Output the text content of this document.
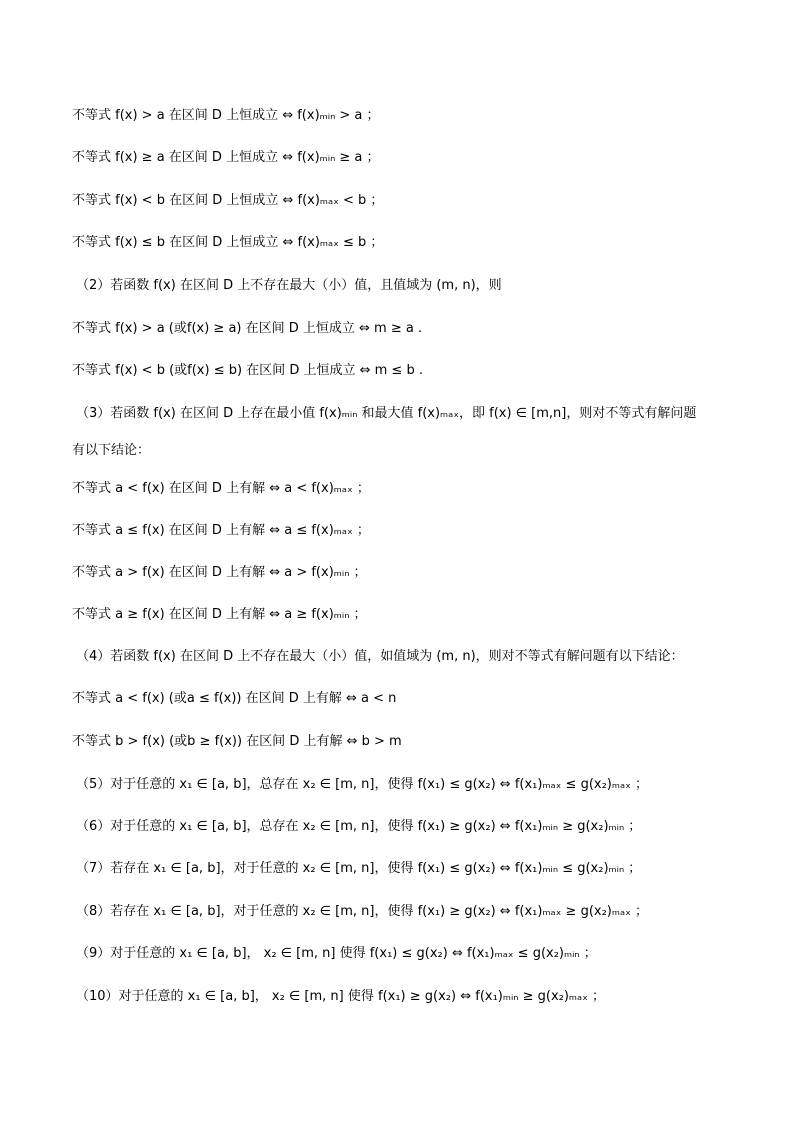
不等式 f(x) > a 在区间 D 上恒成立 ⇔ f(x)ₘᵢₙ > a ；
不等式 f(x) ≥ a 在区间 D 上恒成立 ⇔ f(x)ₘᵢₙ ≥ a ；
不等式 f(x) < b 在区间 D 上恒成立 ⇔ f(x)ₘₐₓ < b ；
不等式 f(x) ≤ b 在区间 D 上恒成立 ⇔ f(x)ₘₐₓ ≤ b ；
（2）若函数 f(x) 在区间 D 上不存在最大（小）值，且值域为 (m, n)，则
不等式 f(x) > a (或f(x) ≥ a) 在区间 D 上恒成立 ⇔ m ≥ a .
不等式 f(x) < b (或f(x) ≤ b) 在区间 D 上恒成立 ⇔ m ≤ b .
（3）若函数 f(x) 在区间 D 上存在最小值 f(x)ₘᵢₙ 和最大值 f(x)ₘₐₓ，即 f(x) ∈ [m,n]，则对不等式有解问题
有以下结论：
不等式 a < f(x) 在区间 D 上有解 ⇔ a < f(x)ₘₐₓ ；
不等式 a ≤ f(x) 在区间 D 上有解 ⇔ a ≤ f(x)ₘₐₓ ；
不等式 a > f(x) 在区间 D 上有解 ⇔ a > f(x)ₘᵢₙ ；
不等式 a ≥ f(x) 在区间 D 上有解 ⇔ a ≥ f(x)ₘᵢₙ ；
（4）若函数 f(x) 在区间 D 上不存在最大（小）值，如值域为 (m, n)，则对不等式有解问题有以下结论：
不等式 a < f(x) (或a ≤ f(x)) 在区间 D 上有解 ⇔ a < n
不等式 b > f(x) (或b ≥ f(x)) 在区间 D 上有解 ⇔ b > m
（5）对于任意的 x₁ ∈ [a, b]，总存在 x₂ ∈ [m, n]，使得 f(x₁) ≤ g(x₂) ⇔ f(x₁)ₘₐₓ ≤ g(x₂)ₘₐₓ ；
（6）对于任意的 x₁ ∈ [a, b]，总存在 x₂ ∈ [m, n]，使得 f(x₁) ≥ g(x₂) ⇔ f(x₁)ₘᵢₙ ≥ g(x₂)ₘᵢₙ ；
（7）若存在 x₁ ∈ [a, b]，对于任意的 x₂ ∈ [m, n]，使得 f(x₁) ≤ g(x₂) ⇔ f(x₁)ₘᵢₙ ≤ g(x₂)ₘᵢₙ ；
（8）若存在 x₁ ∈ [a, b]，对于任意的 x₂ ∈ [m, n]，使得 f(x₁) ≥ g(x₂) ⇔ f(x₁)ₘₐₓ ≥ g(x₂)ₘₐₓ ；
（9）对于任意的 x₁ ∈ [a, b]， x₂ ∈ [m, n] 使得 f(x₁) ≤ g(x₂) ⇔ f(x₁)ₘₐₓ ≤ g(x₂)ₘᵢₙ ；
（10）对于任意的 x₁ ∈ [a, b]， x₂ ∈ [m, n] 使得 f(x₁) ≥ g(x₂) ⇔ f(x₁)ₘᵢₙ ≥ g(x₂)ₘₐₓ ；
